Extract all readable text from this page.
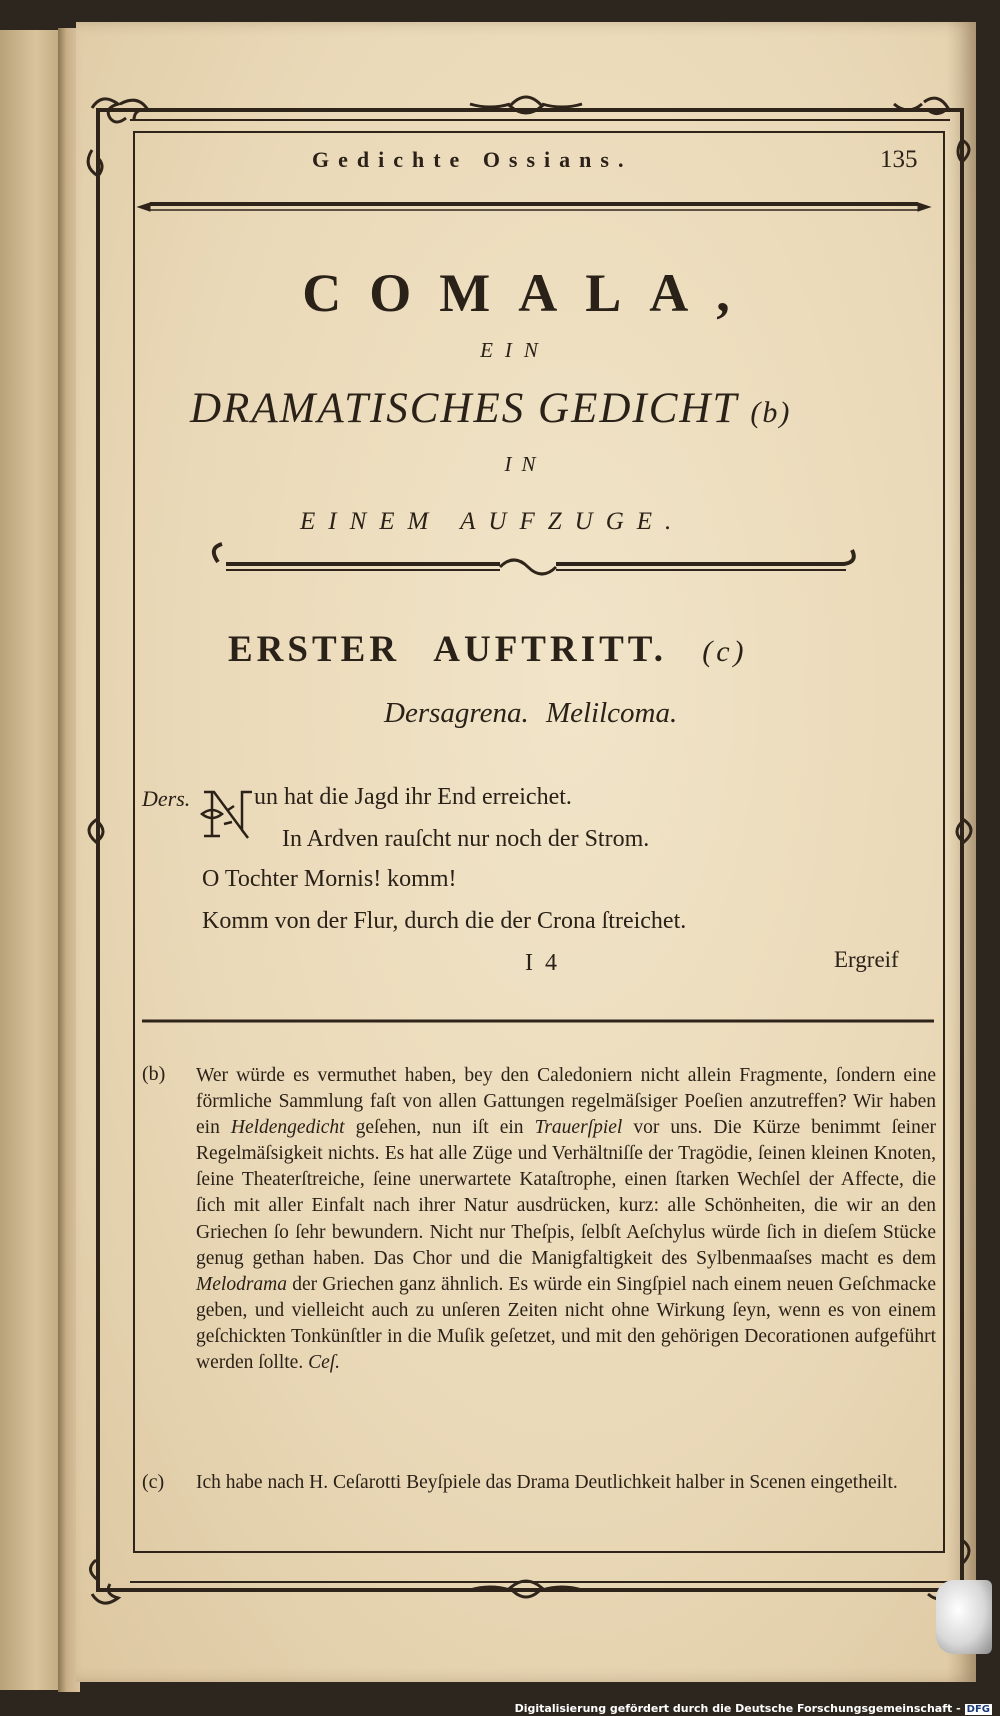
Gedichte Ossians.	135
COMALA,
EIN
DRAMATISCHES GEDICHT (b)
IN
EINEM AUFZUGE.
ERSTER AUFTRITT. (c)
Dersagrena. Melilcoma.
Ders.
N un hat die Jagd ihr End erreichet.
In Ardven rauſcht nur noch der Strom.
O Tochter Mornis! komm!
Komm von der Flur, durch die der Crona ſtreichet.
I 4	Ergreif
(b) Wer würde es vermuthet haben, bey den Caledoniern nicht allein Fragmente, ſondern eine förmliche Sammlung faſt von allen Gattungen regelmäſsiger Poeſien anzutreffen? Wir haben ein Heldengedicht geſehen, nun iſt ein Trauerſpiel vor uns. Die Kürze benimmt ſeiner Regelmäſsigkeit nichts. Es hat alle Züge und Verhältniſſe der Tragödie, ſeinen kleinen Knoten, ſeine Theaterſtreiche, ſeine unerwartete Kataſtrophe, einen ſtarken Wechſel der Affecte, die ſich mit aller Einfalt nach ihrer Natur ausdrücken, kurz: alle Schönheiten, die wir an den Griechen ſo ſehr bewundern. Nicht nur Theſpis, ſelbſt Aeſchylus würde ſich in dieſem Stücke genug gethan haben. Das Chor und die Manigfaltigkeit des Sylbenmaaſses macht es dem Melodrama der Griechen ganz ähnlich. Es würde ein Singſpiel nach einem neuen Geſchmacke geben, und vielleicht auch zu unſeren Zeiten nicht ohne Wirkung ſeyn, wenn es von einem geſchickten Tonkünſtler in die Muſik geſetzet, und mit den gehörigen Decorationen aufgeführt werden ſollte. Ceſ.
(c) Ich habe nach H. Ceſarotti Beyſpiele das Drama Deutlichkeit halber in Scenen eingetheilt.
Digitalisierung gefördert durch die Deutsche Forschungsgemeinschaft - DFG
